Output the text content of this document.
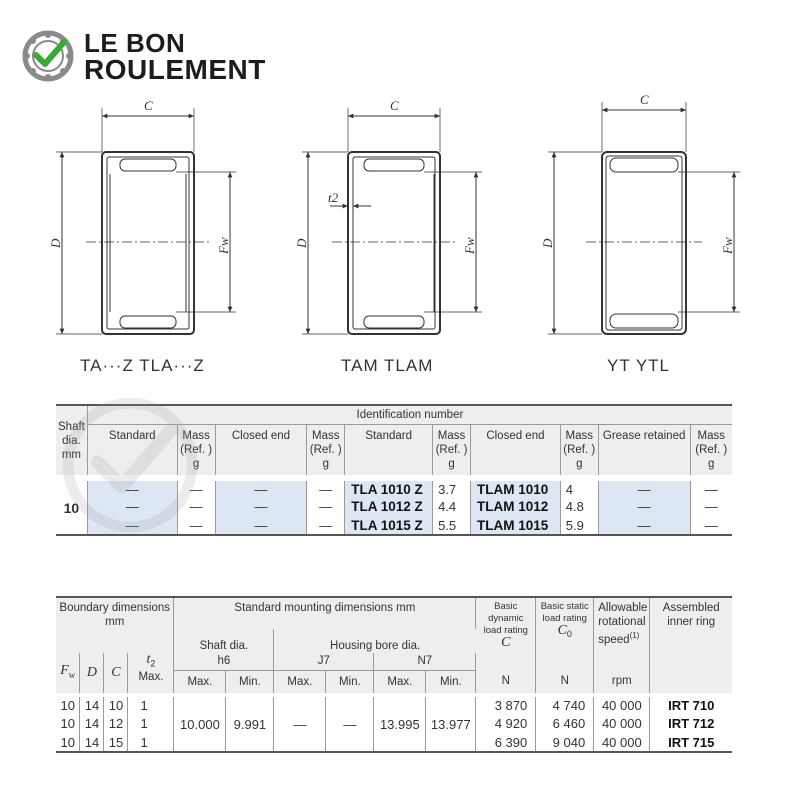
LE BON
ROULEMENT
C	C	C
D	D	D
Fw	Fw	Fw
t2
TA···Z TLA···Z	TAM TLAM	YT YTL
Shaft
dia.
mm	Identification number									
	Standard	Mass
(Ref. )
g	Closed end	Mass
(Ref. )
g	Standard	Mass
(Ref. )
g	Closed end	Mass
(Ref. )
g	Grease retained	Mass
(Ref. )
g
10	—	—	—	—	TLA 1010 Z	3.7	TLAM 1010	4	—	—
	—	—	—	—	TLA 1012 Z	4.4	TLAM 1012	4.8	—	—
	—	—	—	—	TLA 1015 Z	5.5	TLAM 1015	5.9	—	—
Boundary dimensions
mm				Standard mounting dimensions mm						Basic dynamic
load rating
C	Basic static
load rating
$C_0$	Allowable
rotational
speed$^{(1)}$	Assembled
inner ring
				Shaft dia.		Housing bore dia.							
$F_w$	D	C	$t_2$	h6		J7		N7					
			Max.	Max.	Min.	Max.	Min.	Max.	Min.	N	N	rpm	
10	14	10	1	10.000	9.991	—	—	13.995	13.977	3 870	4 740	40 000	IRT 710
10	14	12	1							4 920	6 460	40 000	IRT 712
10	14	15	1							6 390	9 040	40 000	IRT 715
